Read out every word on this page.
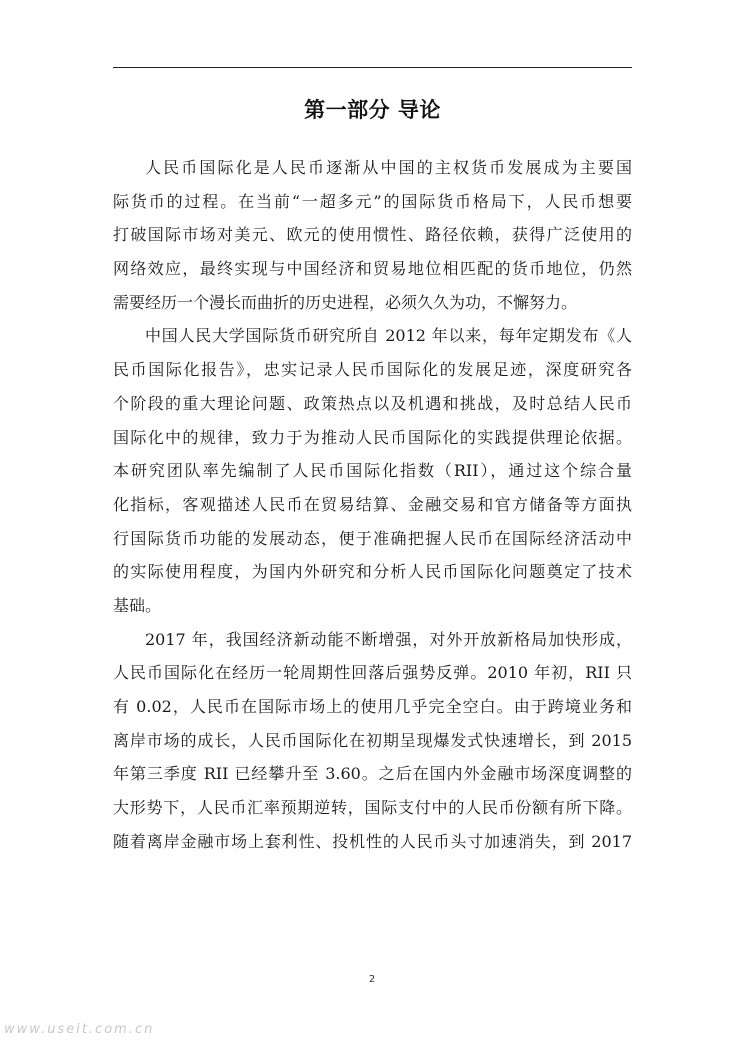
第一部分 导论

人民币国际化是人民币逐渐从中国的主权货币发展成为主要国
际货币的过程。在当前“一超多元”的国际货币格局下，人民币想要
打破国际市场对美元、欧元的使用惯性、路径依赖，获得广泛使用的
网络效应，最终实现与中国经济和贸易地位相匹配的货币地位，仍然
需要经历一个漫长而曲折的历史进程，必须久久为功，不懈努力。

中国人民大学国际货币研究所自 2012 年以来，每年定期发布《人
民币国际化报告》，忠实记录人民币国际化的发展足迹，深度研究各
个阶段的重大理论问题、政策热点以及机遇和挑战，及时总结人民币
国际化中的规律，致力于为推动人民币国际化的实践提供理论依据。
本研究团队率先编制了人民币国际化指数（RII），通过这个综合量
化指标，客观描述人民币在贸易结算、金融交易和官方储备等方面执
行国际货币功能的发展动态，便于准确把握人民币在国际经济活动中
的实际使用程度，为国内外研究和分析人民币国际化问题奠定了技术
基础。

2017 年，我国经济新动能不断增强，对外开放新格局加快形成，
人民币国际化在经历一轮周期性回落后强势反弹。2010 年初，RII 只
有 0.02，人民币在国际市场上的使用几乎完全空白。由于跨境业务和
离岸市场的成长，人民币国际化在初期呈现爆发式快速增长，到 2015
年第三季度 RII 已经攀升至 3.60。之后在国内外金融市场深度调整的
大形势下，人民币汇率预期逆转，国际支付中的人民币份额有所下降。
随着离岸金融市场上套利性、投机性的人民币头寸加速消失，到 2017

2
www.useit.com.cn
